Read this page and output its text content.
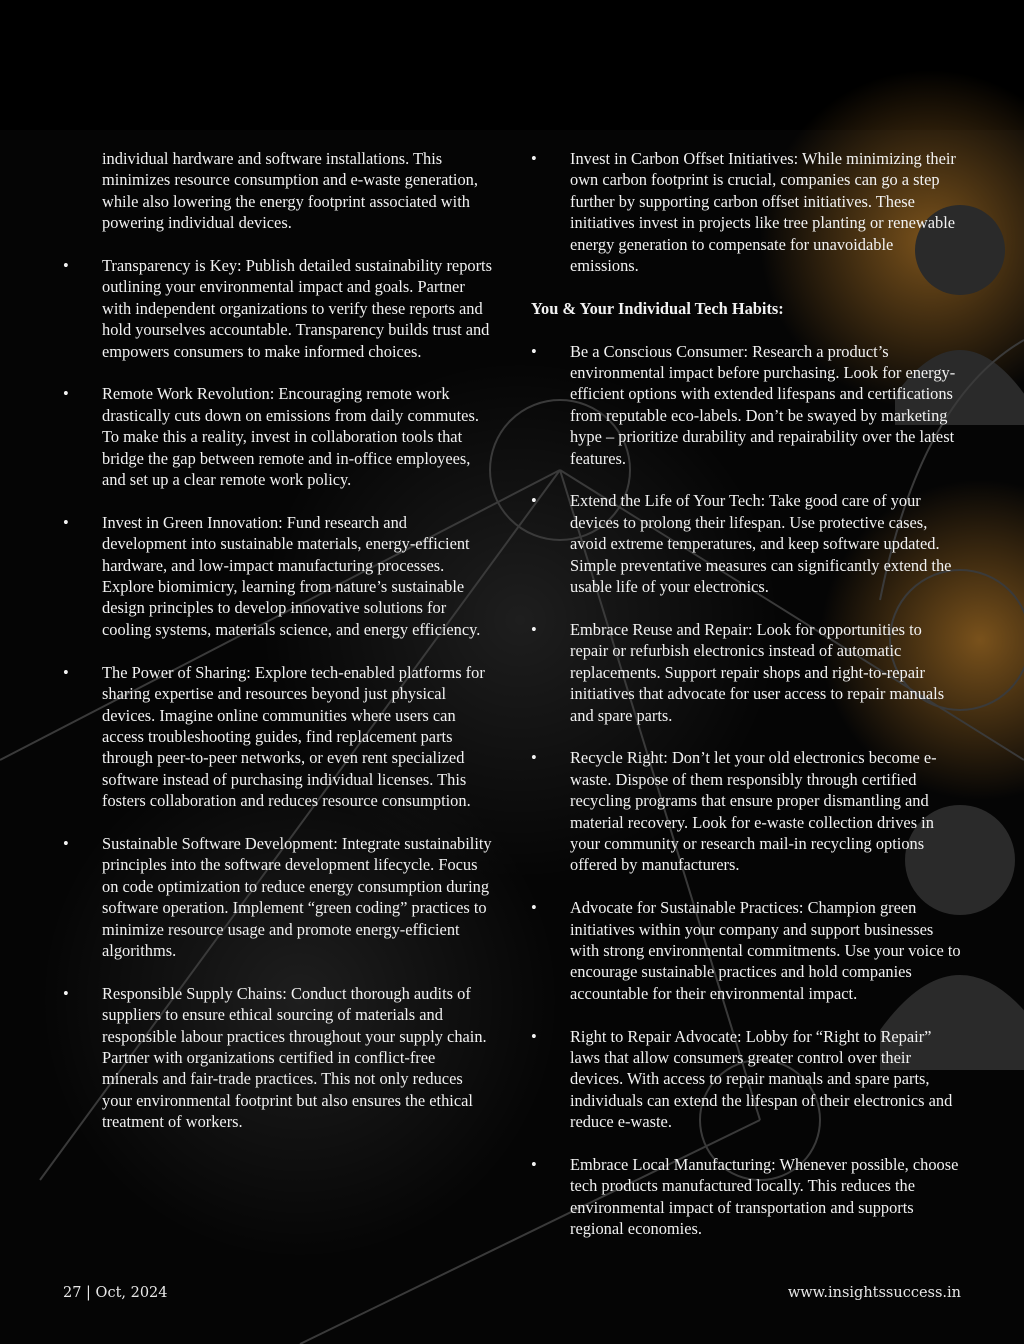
individual hardware and software installations. This minimizes resource consumption and e-waste generation, while also lowering the energy footprint associated with powering individual devices.

•	Transparency is Key: Publish detailed sustainability reports outlining your environmental impact and goals. Partner with independent organizations to verify these reports and hold yourselves accountable. Transparency builds trust and empowers consumers to make informed choices.
•	Remote Work Revolution: Encouraging remote work drastically cuts down on emissions from daily commutes. To make this a reality, invest in collaboration tools that bridge the gap between remote and in-office employees, and set up a clear remote work policy.
•	Invest in Green Innovation: Fund research and development into sustainable materials, energy-efficient hardware, and low-impact manufacturing processes. Explore biomimicry, learning from nature’s sustainable design principles to develop innovative solutions for cooling systems, materials science, and energy efficiency.
•	The Power of Sharing: Explore tech-enabled platforms for sharing expertise and resources beyond just physical devices. Imagine online communities where users can access troubleshooting guides, find replacement parts through peer-to-peer networks, or even rent specialized software instead of purchasing individual licenses. This fosters collaboration and reduces resource consumption.
•	Sustainable Software Development: Integrate sustainability principles into the software development lifecycle. Focus on code optimization to reduce energy consumption during software operation. Implement “green coding” practices to minimize resource usage and promote energy-efficient algorithms.
•	Responsible Supply Chains: Conduct thorough audits of suppliers to ensure ethical sourcing of materials and responsible labour practices throughout your supply chain. Partner with organizations certified in conflict-free minerals and fair-trade practices. This not only reduces your environmental footprint but also ensures the ethical treatment of workers.
•	Invest in Carbon Offset Initiatives: While minimizing their own carbon footprint is crucial, companies can go a step further by supporting carbon offset initiatives. These initiatives invest in projects like tree planting or renewable energy generation to compensate for unavoidable emissions.
You & Your Individual Tech Habits:
•	Be a Conscious Consumer: Research a product’s environmental impact before purchasing. Look for energy-efficient options with extended lifespans and certifications from reputable eco-labels. Don’t be swayed by marketing hype – prioritize durability and repairability over the latest features.
•	Extend the Life of Your Tech: Take good care of your devices to prolong their lifespan. Use protective cases, avoid extreme temperatures, and keep software updated. Simple preventative measures can significantly extend the usable life of your electronics.
•	Embrace Reuse and Repair: Look for opportunities to repair or refurbish electronics instead of automatic replacements. Support repair shops and right-to-repair initiatives that advocate for user access to repair manuals and spare parts.
•	Recycle Right: Don’t let your old electronics become e-waste. Dispose of them responsibly through certified recycling programs that ensure proper dismantling and material recovery. Look for e-waste collection drives in your community or research mail-in recycling options offered by manufacturers.
•	Advocate for Sustainable Practices: Champion green initiatives within your company and support businesses with strong environmental commitments. Use your voice to encourage sustainable practices and hold companies accountable for their environmental impact.
•	Right to Repair Advocate: Lobby for “Right to Repair” laws that allow consumers greater control over their devices. With access to repair manuals and spare parts, individuals can extend the lifespan of their electronics and reduce e-waste.
•	Embrace Local Manufacturing: Whenever possible, choose tech products manufactured locally. This reduces the environmental impact of transportation and supports regional economies.
27 | Oct, 2024	www.insightssuccess.in
